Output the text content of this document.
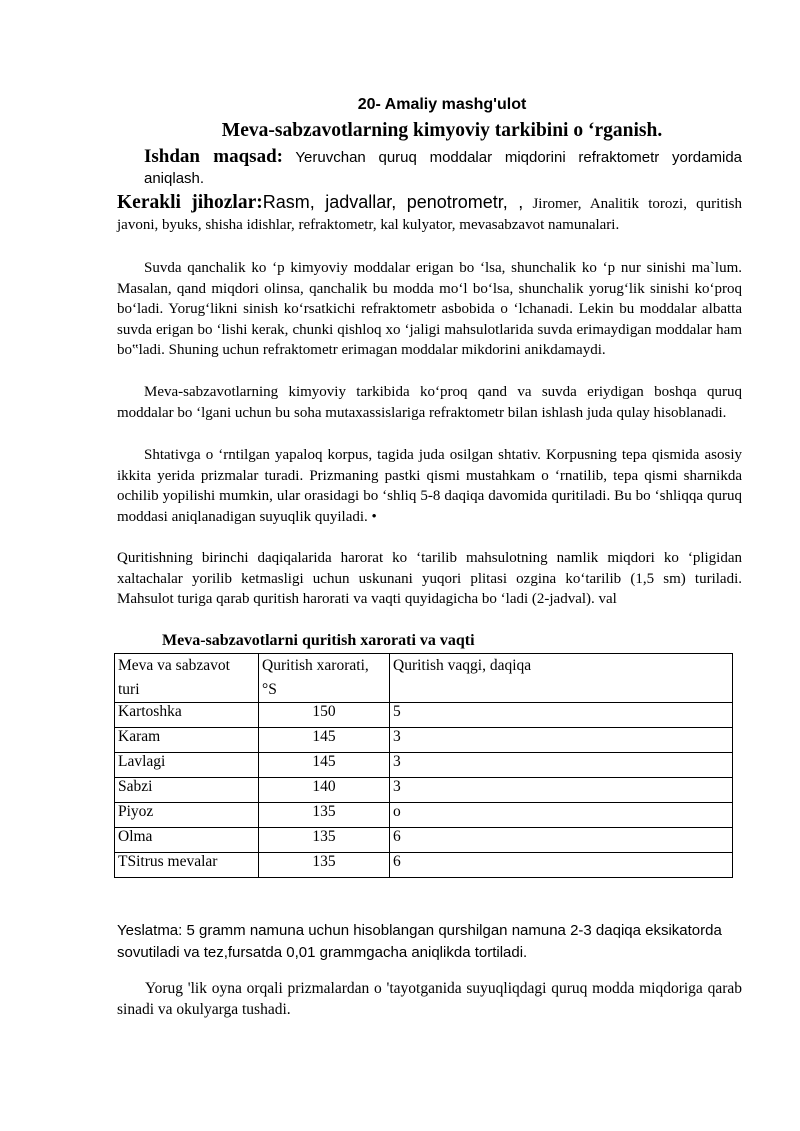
20- Amaliy mashg'ulot
Meva-sabzavotlarning kimyoviy tarkibini o ‘rganish.
Ishdan maqsad: Yeruvchan quruq moddalar miqdorini refraktometr yordamida aniqlash.
Kerakli jihozlar:Rasm, jadvallar, penotrometr, , Jiromer, Analitik torozi, quritish javoni, byuks, shisha idishlar, refraktometr, kal kulyator, mevasabzavot namunalari.

Suvda qanchalik ko ‘p kimyoviy moddalar erigan bo ‘lsa, shunchalik ko ‘p nur sinishi ma`lum. Masalan, qand miqdori olinsa, qanchalik bu modda mo‘l bo‘lsa, shunchalik yorug‘lik sinishi ko‘proq bo‘ladi. Yorug‘likni sinish ko‘rsatkichi refraktometr asbobida o ‘lchanadi. Lekin bu moddalar albatta suvda erigan bo ‘lishi kerak, chunki qishloq xo ‘jaligi mahsulotlarida suvda erimaydigan moddalar ham bo‟ladi. Shuning uchun refraktometr erimagan moddalar mikdorini anikdamaydi.

Meva-sabzavotlarning kimyoviy tarkibida ko‘proq qand va suvda eriydigan boshqa quruq moddalar bo ‘lgani uchun bu soha mutaxassislariga refraktometr bilan ishlash juda qulay hisoblanadi.

Shtativga o ‘rntilgan yapaloq korpus, tagida juda osilgan shtativ. Korpusning tepa qismida asosiy ikkita yerida prizmalar turadi. Prizmaning pastki qismi mustahkam o ‘rnatilib, tepa qismi sharnikda ochilib yopilishi mumkin, ular orasidagi bo ‘shliq 5-8 daqiqa davomida quritiladi. Bu bo ‘shliqqa quruq moddasi aniqlanadigan suyuqlik quyiladi. •

Quritishning birinchi daqiqalarida harorat ko ‘tarilib mahsulotning namlik miqdori ko ‘pligidan xaltachalar yorilib ketmasligi uchun uskunani yuqori plitasi ozgina ko‘tarilib (1,5 sm) turiladi. Mahsulot turiga qarab quritish harorati va vaqti quyidagicha bo ‘ladi (2-jadval). val

Meva-sabzavotlarni quritish xarorati va vaqti
Meva va sabzavot turi	Quritish xarorati, °S	Quritish vaqgi, daqiqa
Kartoshka	150	5
Karam	145	3
Lavlagi	145	3
Sabzi	140	3
Piyoz	135	o
Olma	135	6
TSitrus mevalar	135	6
Yeslatma: 5 gramm namuna uchun hisoblangan qurshilgan namuna 2-3 daqiqa eksikatorda sovutiladi va tez,fursatda 0,01 grammgacha aniqlikda tortiladi.
Yorug 'lik oyna orqali prizmalardan o 'tayotganida suyuqliqdagi quruq modda miqdoriga qarab sinadi va okulyarga tushadi.
